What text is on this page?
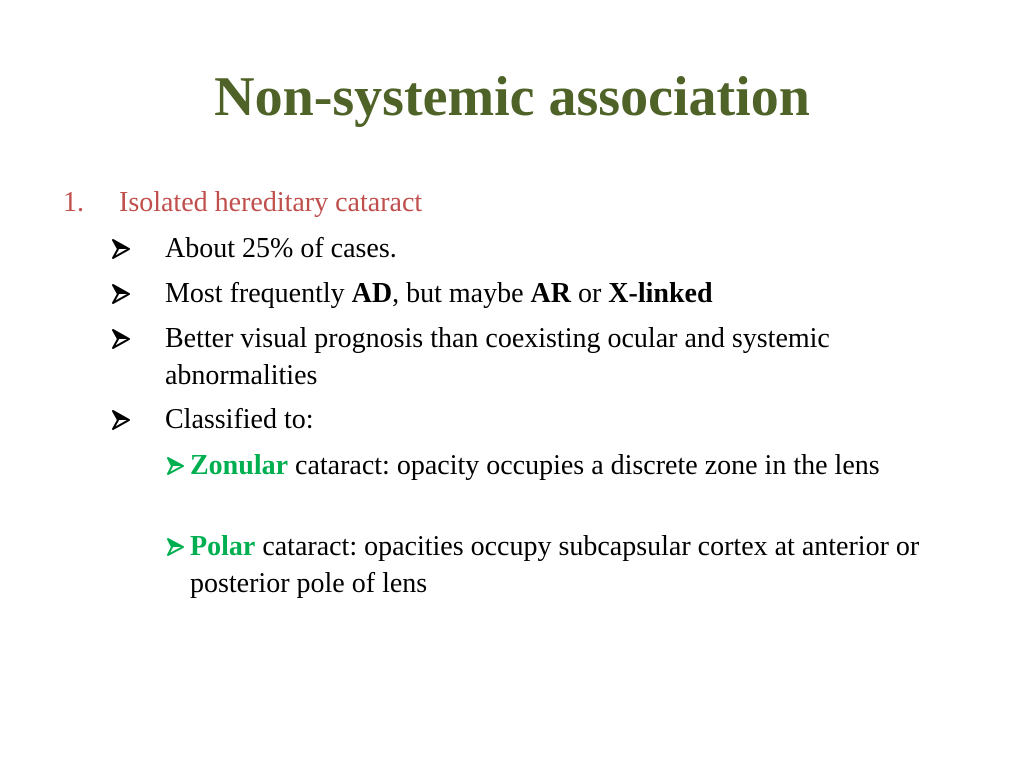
Non-systemic association
1. Isolated hereditary cataract
About 25% of cases.
Most frequently AD, but maybe AR or X-linked
Better visual prognosis than coexisting ocular and systemic abnormalities
Classified to:
Zonular cataract: opacity occupies a discrete zone in the lens
Polar cataract: opacities occupy subcapsular cortex at anterior or posterior pole of lens
